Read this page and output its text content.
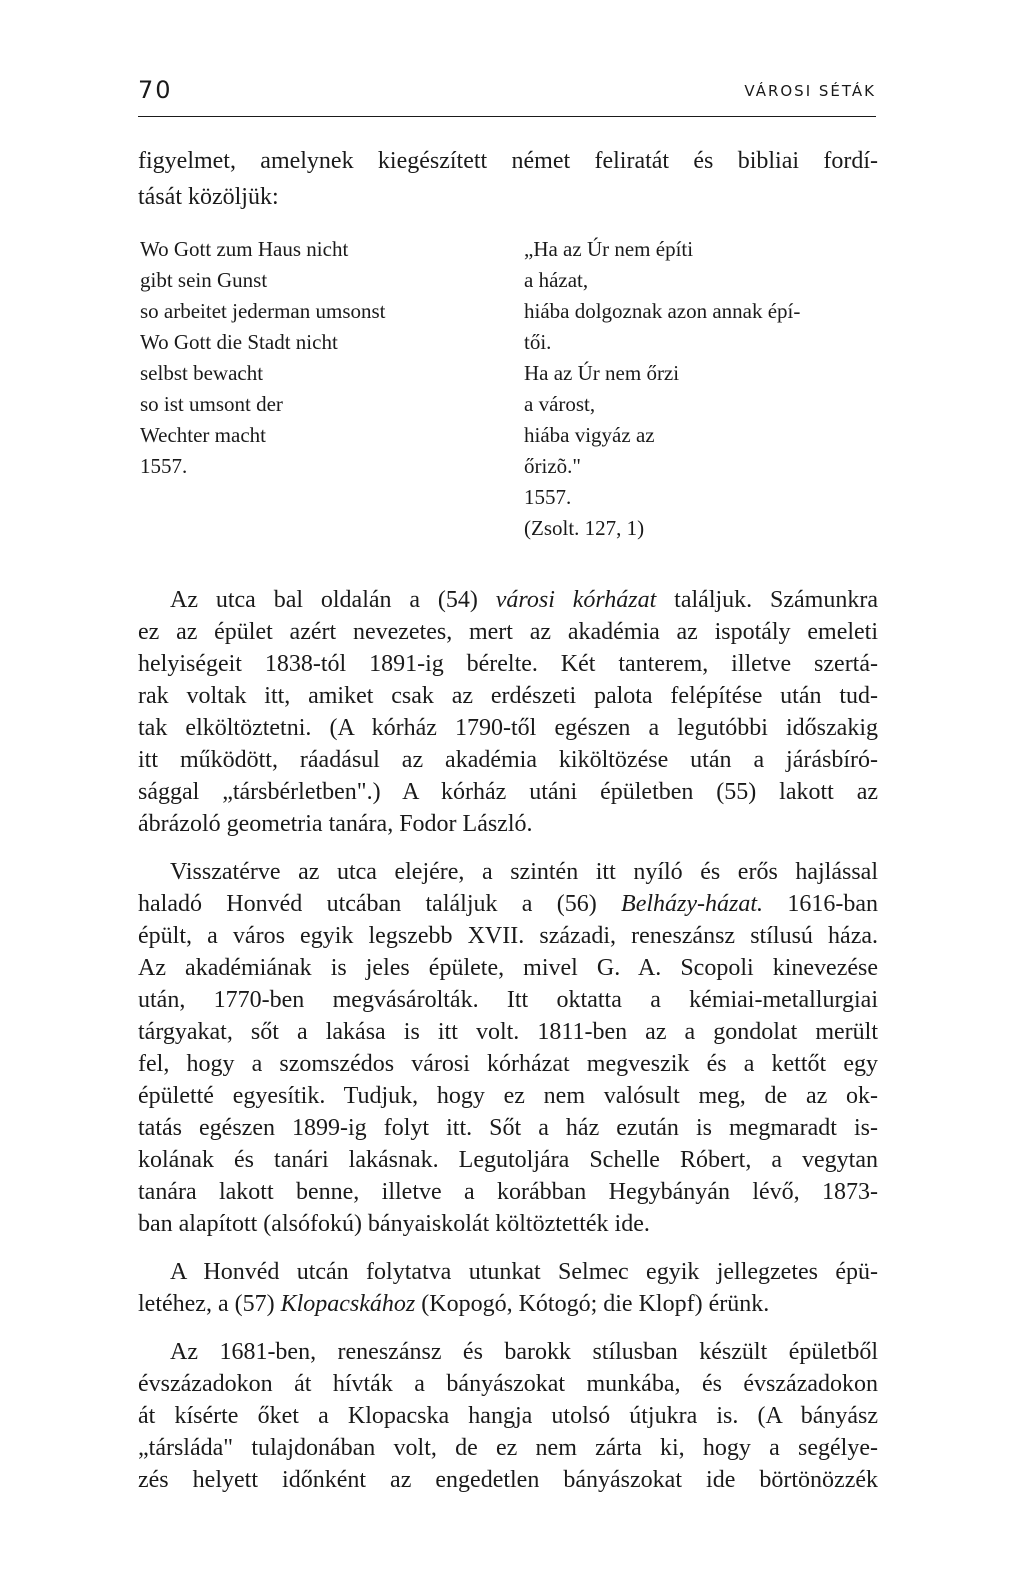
70	VÁROSI SÉTÁK
figyelmet, amelynek kiegészített német feliratát és bibliai fordí-
tását közöljük:
Wo Gott zum Haus nicht
gibt sein Gunst
so arbeitet jederman umsonst
Wo Gott die Stadt nicht
selbst bewacht
so ist umsont der
Wechter macht
1557.
„Ha az Úr nem építi
a házat,
hiába dolgoznak azon annak épí-
tői.
Ha az Úr nem őrzi
a várost,
hiába vigyáz az
őrizõ."
1557.
(Zsolt. 127, 1)
Az utca bal oldalán a (54) városi kórházat találjuk. Számunkra
ez az épület azért nevezetes, mert az akadémia az ispotály emeleti
helyiségeit 1838-tól 1891-ig bérelte. Két tanterem, illetve szertá-
rak voltak itt, amiket csak az erdészeti palota felépítése után tud-
tak elköltöztetni. (A kórház 1790-től egészen a legutóbbi időszakig
itt működött, ráadásul az akadémia kiköltözése után a járásbíró-
sággal „társbérletben".) A kórház utáni épületben (55) lakott az
ábrázoló geometria tanára, Fodor László.
Visszatérve az utca elejére, a szintén itt nyíló és erős hajlással
haladó Honvéd utcában találjuk a (56) Belházy-házat. 1616-ban
épült, a város egyik legszebb XVII. századi, reneszánsz stílusú háza.
Az akadémiának is jeles épülete, mivel G. A. Scopoli kinevezése
után, 1770-ben megvásárolták. Itt oktatta a kémiai-metallurgiai
tárgyakat, sőt a lakása is itt volt. 1811-ben az a gondolat merült
fel, hogy a szomszédos városi kórházat megveszik és a kettőt egy
épületté egyesítik. Tudjuk, hogy ez nem valósult meg, de az ok-
tatás egészen 1899-ig folyt itt. Sőt a ház ezután is megmaradt is-
kolának és tanári lakásnak. Legutoljára Schelle Róbert, a vegytan
tanára lakott benne, illetve a korábban Hegybányán lévő, 1873-
ban alapított (alsófokú) bányaiskolát költöztették ide.
A Honvéd utcán folytatva utunkat Selmec egyik jellegzetes épü-
letéhez, a (57) Klopacskához (Kopogó, Kótogó; die Klopf) érünk.
Az 1681-ben, reneszánsz és barokk stílusban készült épületből
évszázadokon át hívták a bányászokat munkába, és évszázadokon
át kísérte őket a Klopacska hangja utolsó útjukra is. (A bányász
„társláda" tulajdonában volt, de ez nem zárta ki, hogy a segélye-
zés helyett időnként az engedetlen bányászokat ide börtönözzék
